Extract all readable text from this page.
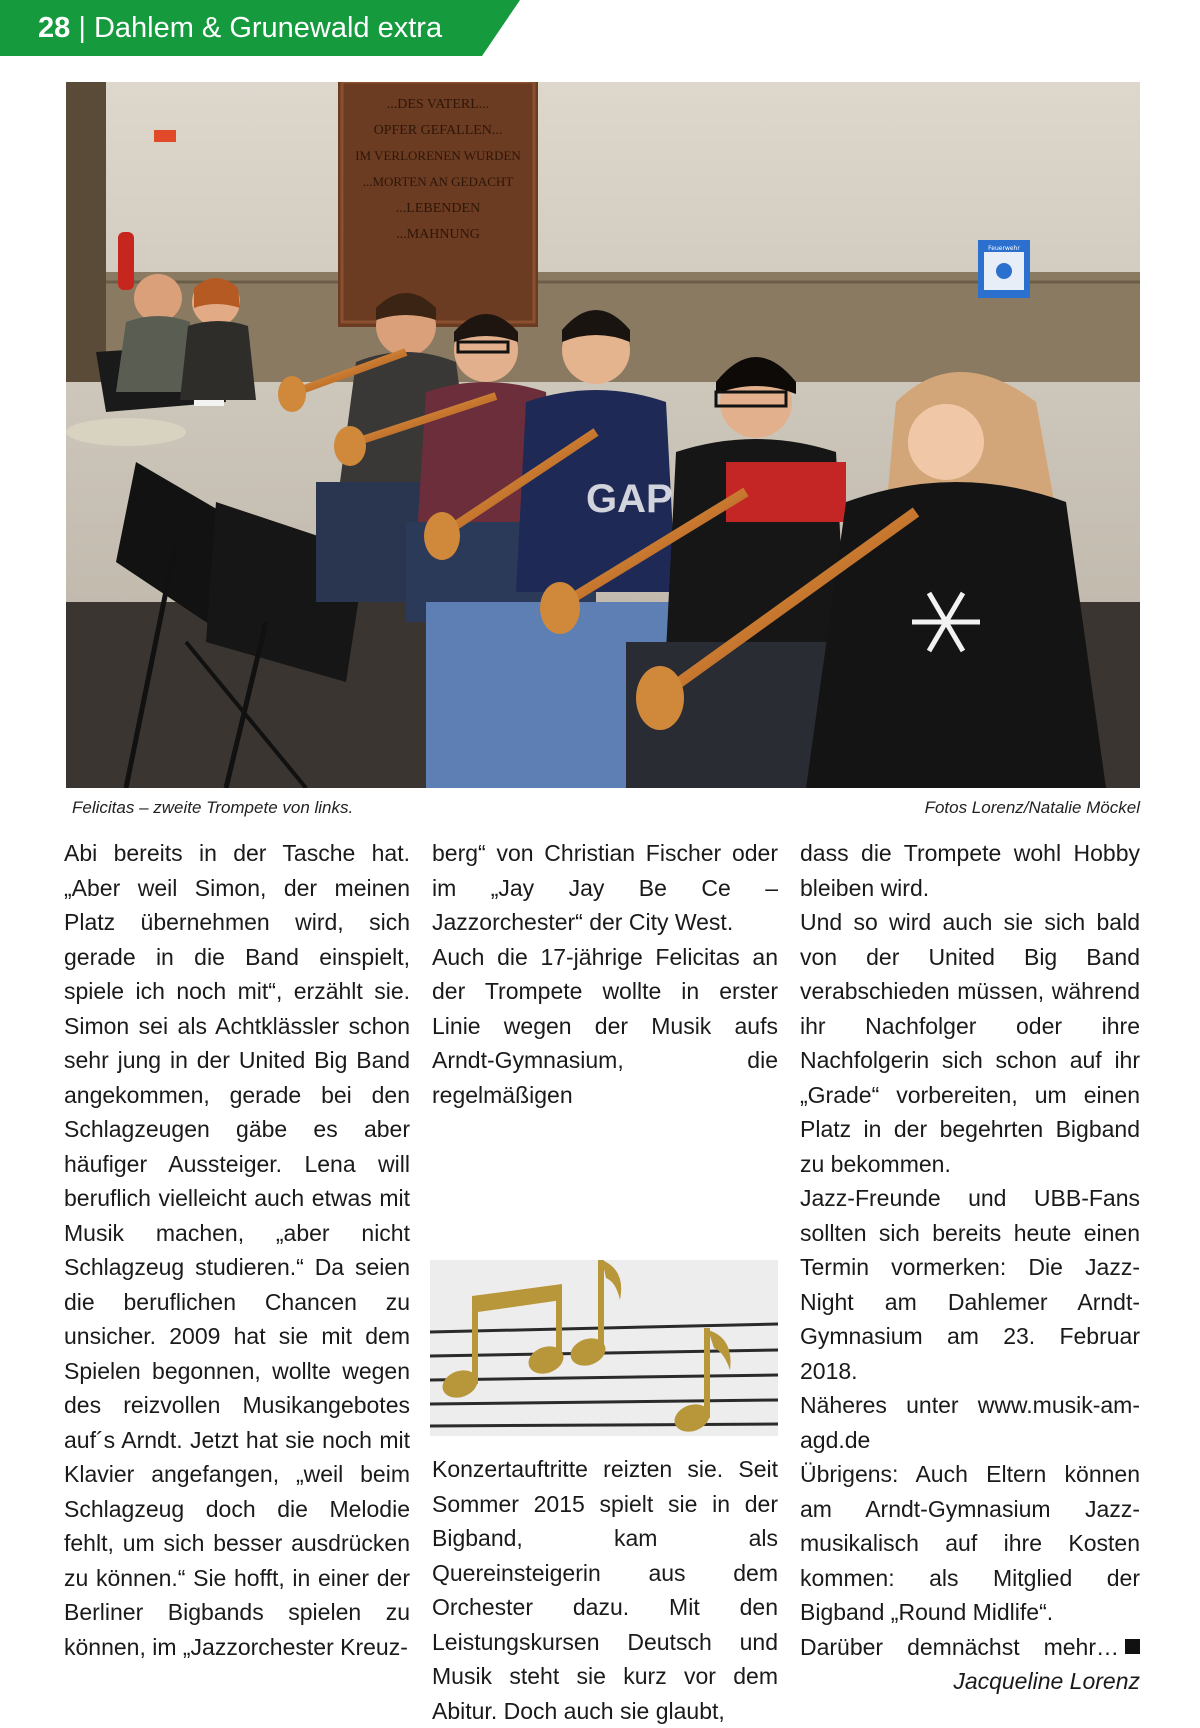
28 | Dahlem & Grunewald extra
...DES VATERL...
OPFER GEFALLEN...
IM VERLORENEN WURDEN
...MORTEN AN GEDACHT
...LEBENDEN
...MAHNUNG
Feuerwehr
GAP
Felicitas – zweite Trompete von links.	Fotos Lorenz/Natalie Möckel

Abi bereits in der Tasche hat. „Aber weil Simon, der meinen Platz übernehmen wird, sich gerade in die Band einspielt, spiele ich noch mit“, erzählt sie. Simon sei als Achtklässler schon sehr jung in der United Big Band angekommen, gerade bei den Schlagzeugen gäbe es aber häufiger Aussteiger. Lena will beruflich vielleicht auch etwas mit Musik machen, „aber nicht Schlagzeug studieren.“ Da seien die beruflichen Chancen zu unsicher. 2009 hat sie mit dem Spielen begonnen, wollte wegen des reizvollen Musikangebotes auf´s Arndt. Jetzt hat sie noch mit Klavier angefangen, „weil beim Schlagzeug doch die Melodie fehlt, um sich besser ausdrücken zu können.“ Sie hofft, in einer der Berliner Bigbands spielen zu können, im „Jazzorchester Kreuz-

berg“ von Christian Fischer oder im „Jay Jay Be Ce –Jazzorchester“ der City West.

Auch die 17-jährige Felicitas an der Trompete wollte in erster Linie wegen der Musik aufs Arndt-Gymnasium, die regelmäßigen

Konzertauftritte reizten sie. Seit Sommer 2015 spielt sie in der Bigband, kam als Quereinsteigerin aus dem Orchester dazu. Mit den Leistungskursen Deutsch und Musik steht sie kurz vor dem Abitur. Doch auch sie glaubt,

dass die Trompete wohl Hobby bleiben wird.

Und so wird auch sie sich bald von der United Big Band verabschieden müssen, während ihr Nachfolger oder ihre Nachfolgerin sich schon auf ihr „Grade“ vorbereiten, um einen Platz in der begehrten Bigband zu bekommen.

Jazz-Freunde und UBB-Fans sollten sich bereits heute einen Termin vormerken: Die Jazz-Night am Dahlemer Arndt-Gymnasium am 23. Februar 2018.

Näheres unter www.musik-am-agd.de

Übrigens: Auch Eltern können am Arndt-Gymnasium Jazz-musikalisch auf ihre Kosten kommen: als Mitglied der Bigband „Round Midlife“.

Darüber demnächst mehr…

Jacqueline Lorenz
